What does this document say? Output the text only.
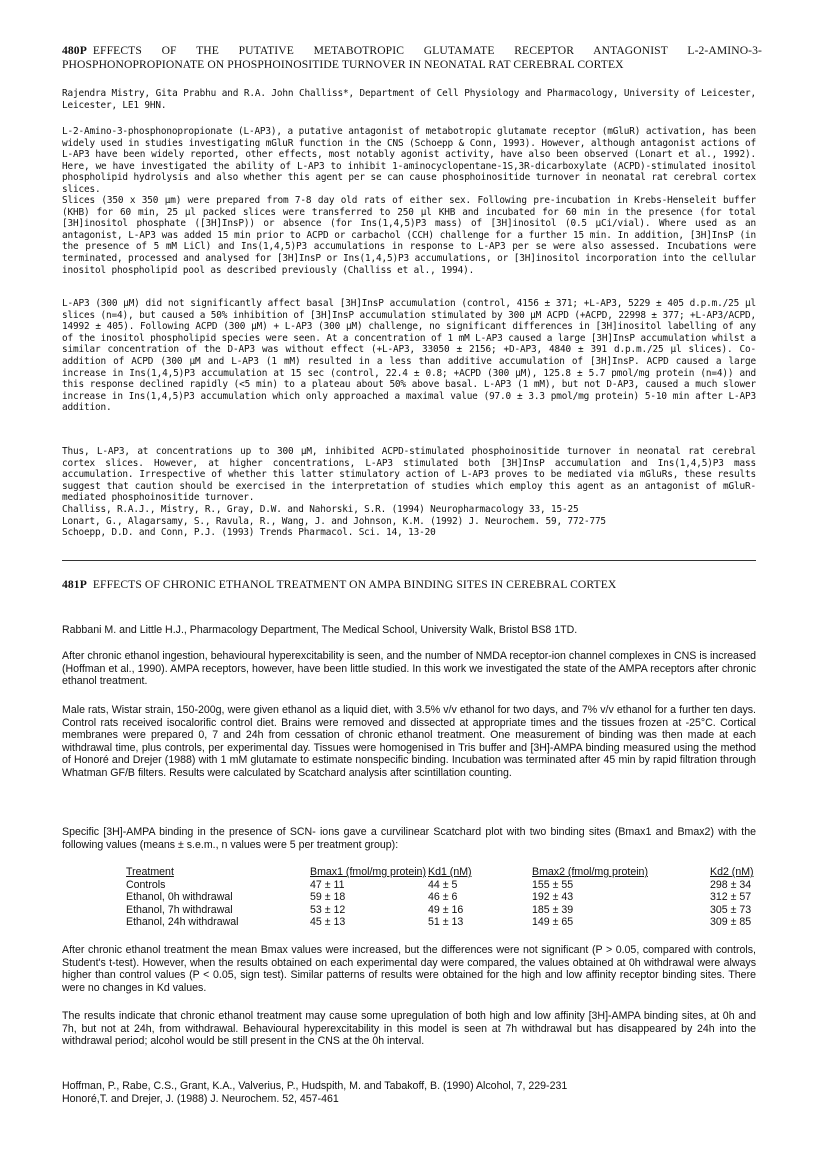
480P EFFECTS OF THE PUTATIVE METABOTROPIC GLUTAMATE RECEPTOR ANTAGONIST L-2-AMINO-3-PHOSPHONOPROPIONATE ON PHOSPHOINOSITIDE TURNOVER IN NEONATAL RAT CEREBRAL CORTEX

Rajendra Mistry, Gita Prabhu and R.A. John Challiss*, Department of Cell Physiology and Pharmacology, University of Leicester, Leicester, LE1 9HN.

L-2-Amino-3-phosphonopropionate (L-AP3), a putative antagonist of metabotropic glutamate receptor (mGluR) activation, has been widely used in studies investigating mGluR function in the CNS (Schoepp & Conn, 1993). However, although antagonist actions of L-AP3 have been widely reported, other effects, most notably agonist activity, have also been observed (Lonart et al., 1992). Here, we have investigated the ability of L-AP3 to inhibit 1-aminocyclopentane-1S,3R-dicarboxylate (ACPD)-stimulated inositol phospholipid hydrolysis and also whether this agent per se can cause phosphoinositide turnover in neonatal rat cerebral cortex slices.

Slices (350 x 350 µm) were prepared from 7-8 day old rats of either sex. Following pre-incubation in Krebs-Henseleit buffer (KHB) for 60 min, 25 µl packed slices were transferred to 250 µl KHB and incubated for 60 min in the presence (for total [3H]inositol phosphate ([3H]InsP)) or absence (for Ins(1,4,5)P3 mass) of [3H]inositol (0.5 µCi/vial). Where used as an antagonist, L-AP3 was added 15 min prior to ACPD or carbachol (CCH) challenge for a further 15 min. In addition, [3H]InsP (in the presence of 5 mM LiCl) and Ins(1,4,5)P3 accumulations in response to L-AP3 per se were also assessed. Incubations were terminated, processed and analysed for [3H]InsP or Ins(1,4,5)P3 accumulations, or [3H]inositol incorporation into the cellular inositol phospholipid pool as described previously (Challiss et al., 1994).

L-AP3 (300 µM) did not significantly affect basal [3H]InsP accumulation (control, 4156 ± 371; +L-AP3, 5229 ± 405 d.p.m./25 µl slices (n=4), but caused a 50% inhibition of [3H]InsP accumulation stimulated by 300 µM ACPD (+ACPD, 22998 ± 377; +L-AP3/ACPD, 14992 ± 405). Following ACPD (300 µM) + L-AP3 (300 µM) challenge, no significant differences in [3H]inositol labelling of any of the inositol phospholipid species were seen. At a concentration of 1 mM L-AP3 caused a large [3H]InsP accumulation whilst a similar concentration of the D-AP3 was without effect (+L-AP3, 33050 ± 2156; +D-AP3, 4840 ± 391 d.p.m./25 µl slices). Co-addition of ACPD (300 µM and L-AP3 (1 mM) resulted in a less than additive accumulation of [3H]InsP. ACPD caused a large increase in Ins(1,4,5)P3 accumulation at 15 sec (control, 22.4 ± 0.8; +ACPD (300 µM), 125.8 ± 5.7 pmol/mg protein (n=4)) and this response declined rapidly (<5 min) to a plateau about 50% above basal. L-AP3 (1 mM), but not D-AP3, caused a much slower increase in Ins(1,4,5)P3 accumulation which only approached a maximal value (97.0 ± 3.3 pmol/mg protein) 5-10 min after L-AP3 addition.

Thus, L-AP3, at concentrations up to 300 µM, inhibited ACPD-stimulated phosphoinositide turnover in neonatal rat cerebral cortex slices. However, at higher concentrations, L-AP3 stimulated both [3H]InsP accumulation and Ins(1,4,5)P3 mass accumulation. Irrespective of whether this latter stimulatory action of L-AP3 proves to be mediated via mGluRs, these results suggest that caution should be exercised in the interpretation of studies which employ this agent as an antagonist of mGluR-mediated phosphoinositide turnover.

Challiss, R.A.J., Mistry, R., Gray, D.W. and Nahorski, S.R. (1994) Neuropharmacology 33, 15-25
Lonart, G., Alagarsamy, S., Ravula, R., Wang, J. and Johnson, K.M. (1992) J. Neurochem. 59, 772-775
Schoepp, D.D. and Conn, P.J. (1993) Trends Pharmacol. Sci. 14, 13-20
481P EFFECTS OF CHRONIC ETHANOL TREATMENT ON AMPA BINDING SITES IN CEREBRAL CORTEX

Rabbani M. and Little H.J., Pharmacology Department, The Medical School, University Walk, Bristol BS8 1TD.

After chronic ethanol ingestion, behavioural hyperexcitability is seen, and the number of NMDA receptor-ion channel complexes in CNS is increased (Hoffman et al., 1990). AMPA receptors, however, have been little studied. In this work we investigated the state of the AMPA receptors after chronic ethanol treatment.

Male rats, Wistar strain, 150-200g, were given ethanol as a liquid diet, with 3.5% v/v ethanol for two days, and 7% v/v ethanol for a further ten days. Control rats received isocalorific control diet. Brains were removed and dissected at appropriate times and the tissues frozen at -25°C. Cortical membranes were prepared 0, 7 and 24h from cessation of chronic ethanol treatment. One measurement of binding was then made at each withdrawal time, plus controls, per experimental day. Tissues were homogenised in Tris buffer and [3H]-AMPA binding measured using the method of Honoré and Drejer (1988) with 1 mM glutamate to estimate nonspecific binding. Incubation was terminated after 45 min by rapid filtration through Whatman GF/B filters. Results were calculated by Scatchard analysis after scintillation counting.

Specific [3H]-AMPA binding in the presence of SCN- ions gave a curvilinear Scatchard plot with two binding sites (Bmax1 and Bmax2) with the following values (means ± s.e.m., n values were 5 per treatment group):

Treatment	Bmax1 (fmol/mg protein)	Kd1 (nM)	Bmax2 (fmol/mg protein)	Kd2 (nM)
Controls	47 ± 11	44 ± 5	155 ± 55	298 ± 34
Ethanol, 0h withdrawal	59 ± 18	46 ± 6	192 ± 43	312 ± 57
Ethanol, 7h withdrawal	53 ± 12	49 ± 16	185 ± 39	305 ± 73
Ethanol, 24h withdrawal	45 ± 13	51 ± 13	149 ± 65	309 ± 85

After chronic ethanol treatment the mean Bmax values were increased, but the differences were not significant (P > 0.05, compared with controls, Student's t-test). However, when the results obtained on each experimental day were compared, the values obtained at 0h withdrawal were always higher than control values (P < 0.05, sign test). Similar patterns of results were obtained for the high and low affinity receptor binding sites. There were no changes in Kd values.

The results indicate that chronic ethanol treatment may cause some upregulation of both high and low affinity [3H]-AMPA binding sites, at 0h and 7h, but not at 24h, from withdrawal. Behavioural hyperexcitability in this model is seen at 7h withdrawal but has disappeared by 24h into the withdrawal period; alcohol would be still present in the CNS at the 0h interval.

Hoffman, P., Rabe, C.S., Grant, K.A., Valverius, P., Hudspith, M. and Tabakoff, B. (1990) Alcohol, 7, 229-231
Honoré,T. and Drejer, J. (1988) J. Neurochem. 52, 457-461
